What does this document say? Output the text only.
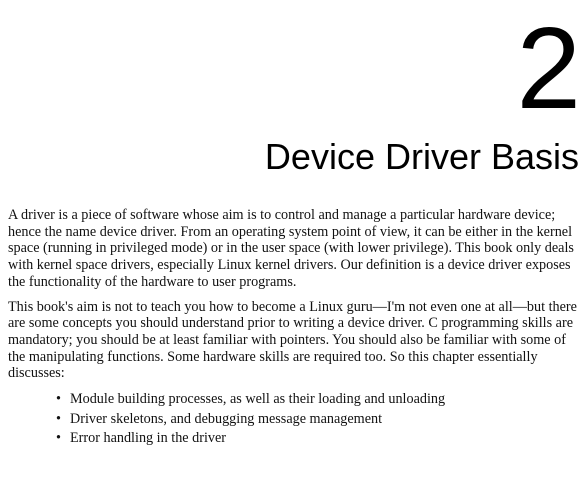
2
Device Driver Basis

A driver is a piece of software whose aim is to control and manage a particular hardware device; hence the name device driver. From an operating system point of view, it can be either in the kernel space (running in privileged mode) or in the user space (with lower privilege). This book only deals with kernel space drivers, especially Linux kernel drivers. Our definition is a device driver exposes the functionality of the hardware to user programs.

This book's aim is not to teach you how to become a Linux guru—I'm not even one at all—but there are some concepts you should understand prior to writing a device driver. C programming skills are mandatory; you should be at least familiar with pointers. You should also be familiar with some of the manipulating functions. Some hardware skills are required too. So this chapter essentially discusses:

• Module building processes, as well as their loading and unloading
• Driver skeletons, and debugging message management
• Error handling in the driver
